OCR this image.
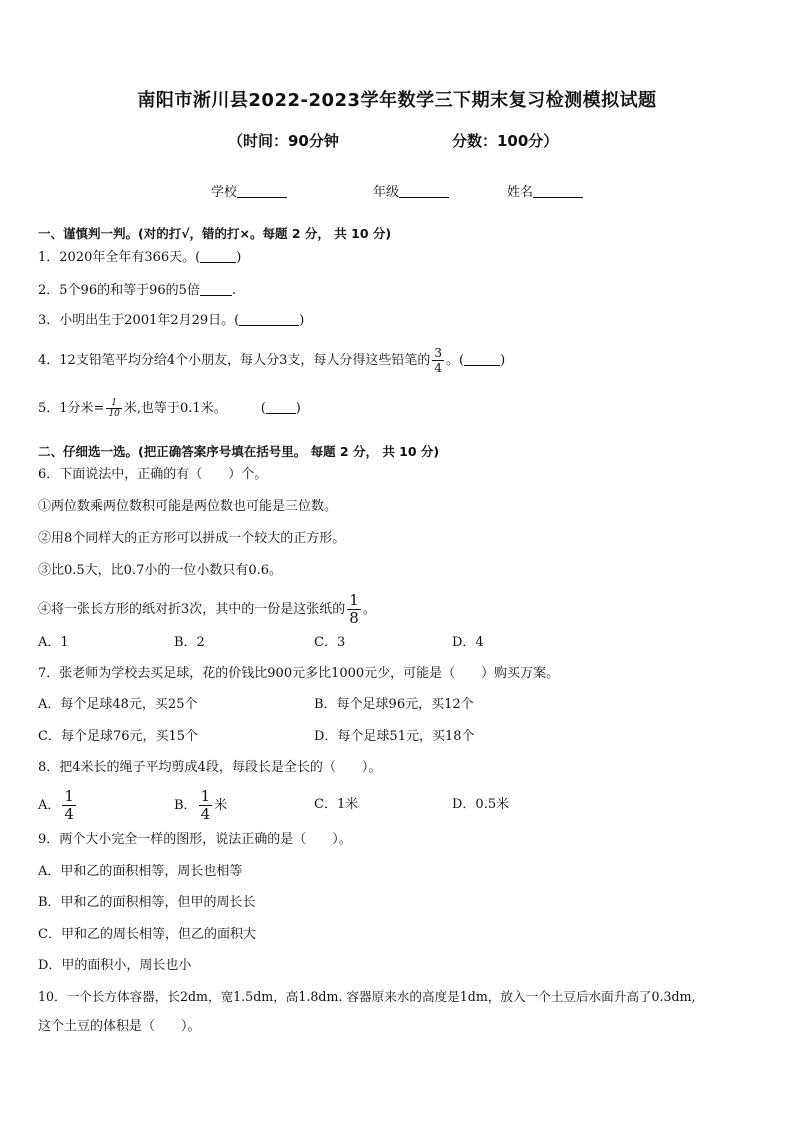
南阳市淅川县2022-2023学年数学三下期末复习检测模拟试题
（时间：90分钟	分数：100分）
学校	年级	姓名
一、谨慎判一判。(对的打√，错的打×。每题 2 分， 共 10 分)
1．2020年全年有366天。(	)
2．5个96的和等于96的5倍 .
3．小明出生于2001年2月29日。(	)
4．12支铅笔平均分给4个小朋友，每人分3支，每人分得这些铅笔的 $\frac{3}{4}$ 。(	)
5．1分米= $\frac{1}{10}$ 米,也等于0.1米。	( )
二、仔细选一选。(把正确答案序号填在括号里。 每题 2 分， 共 10 分)
6．下面说法中，正确的有（　　）个。
①两位数乘两位数积可能是两位数也可能是三位数。
②用8个同样大的正方形可以拼成一个较大的正方形。
③比0.5大，比0.7小的一位小数只有0.6。
④将一张长方形的纸对折3次，其中的一份是这张纸的 $\frac{1}{8}$ 。
A．1	B．2	C．3	D．4
7．张老师为学校去买足球，花的价钱比900元多比1000元少，可能是（　　）购买万案。
A．每个足球48元，买25个	B．每个足球96元，买12个
C．每个足球76元，买15个	D．每个足球51元，买18个
8．把4米长的绳子平均剪成4段，每段长是全长的（　　）。
A． $\frac{1}{4}$	B． $\frac{1}{4}$ 米	C．1米	D．0.5米
9．两个大小完全一样的图形，说法正确的是（　　）。
A．甲和乙的面积相等，周长也相等
B．甲和乙的面积相等，但甲的周长长
C．甲和乙的周长相等，但乙的面积大
D．甲的面积小，周长也小
10．一个长方体容器，长2dm，宽1.5dm，高1.8dm. 容器原来水的高度是1dm，放入一个土豆后水面升高了0.3dm,
这个土豆的体积是（　　）。
